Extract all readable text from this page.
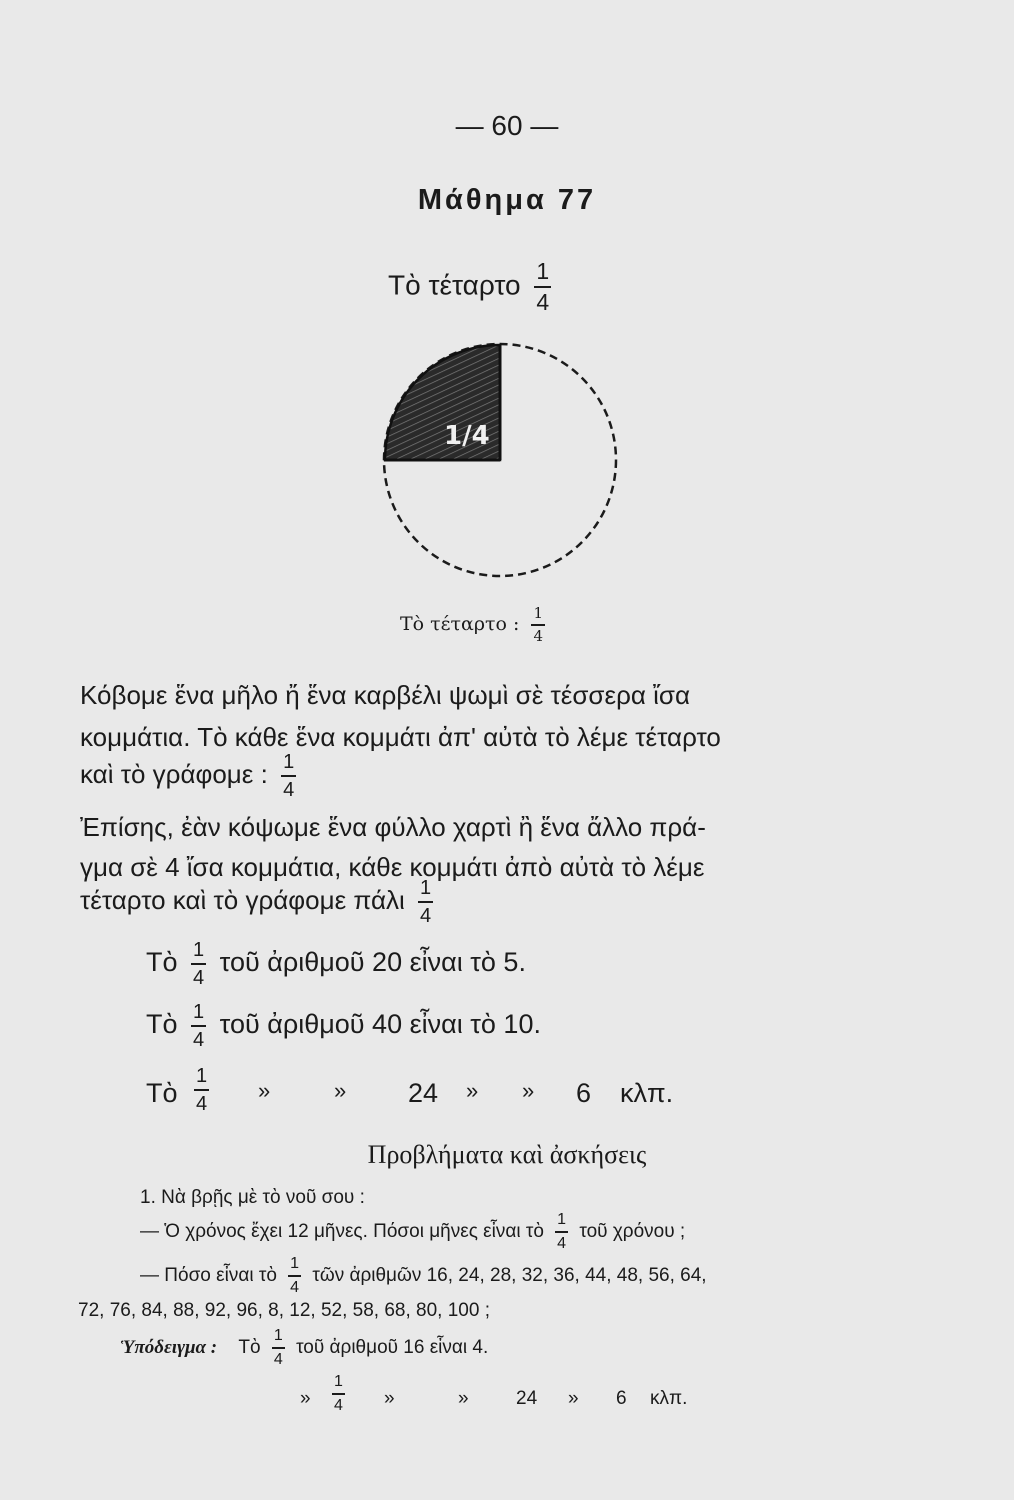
— 60 —
Μάθημα 77
Τὸ τέταρτο $\frac{1}{4}$
1/4
Τὸ τέταρτο : $\frac{1}{4}$
Κόβομε ἕνα μῆλο ἤ ἕνα καρβέλι ψωμὶ σὲ τέσσερα ἴσα
κομμάτια. Τὸ κάθε ἕνα κομμάτι ἀπ' αὐτὰ τὸ λέμε τέταρτο
καὶ τὸ γράφομε : $\frac{1}{4}$
Ἐπίσης, ἐὰν κόψωμε ἕνα φύλλο χαρτὶ ἢ ἕνα ἄλλο πρά-
γμα σὲ 4 ἴσα κομμάτια, κάθε κομμάτι ἀπὸ αὐτὰ τὸ λέμε
τέταρτο καὶ τὸ γράφομε πάλι $\frac{1}{4}$
Τὸ $\frac{1}{4}$ τοῦ ἀριθμοῦ 20 εἶναι τὸ 5.
Τὸ $\frac{1}{4}$ τοῦ ἀριθμοῦ 40 εἶναι τὸ 10.
Τὸ $\frac{1}{4}$ »	» 24 » » 6 κλπ.
Προβλήματα καὶ ἀσκήσεις
1. Νὰ βρῇς μὲ τὸ νοῦ σου :
— Ὁ χρόνος ἔχει 12 μῆνες. Πόσοι μῆνες εἶναι τὸ $\frac{1}{4}$ τοῦ χρόνου ;
— Πόσο εἶναι τὸ $\frac{1}{4}$ τῶν ἀριθμῶν 16, 24, 28, 32, 36, 44, 48, 56, 64,
72, 76, 84, 88, 92, 96, 8, 12, 52, 58, 68, 80, 100 ;
Ὑπόδειγμα : Τὸ $\frac{1}{4}$ τοῦ ἀριθμοῦ 16 εἶναι 4.
» $\frac{1}{4}$ »	» 24 » 6 κλπ.
